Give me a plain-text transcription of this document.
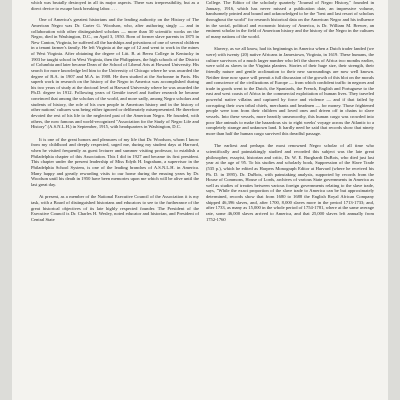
which was brutally destroyed in all its major aspects. There was irrepressibility, but as a direct device to escape back breaking labor. . . .

One of America's greatest historians and the leading authority on the History of The American Negro was Dr. Carter G. Woodson, who, after authoring singly — and in collaboration with other distinguished scholars — more than 30 scientific works on the Negro, died in Washington, D.C., on April 3, 1950. Born of former slave parents in 1875 in New Canton, Virginia, he suffered all the hardships and privations of one of several children in a tenant farmer's family. He left Virginia at the age of 12 and went to work in the mines of West Virginia. After obtaining the degree of Litt. B. at Berea College in Kentucky in 1903 he taught school in West Virginia, then the Philippines, the high schools of the District of Columbia and later became Dean of the School of Liberal Arts at Howard University. His search for more knowledge led him to the University of Chicago where he was awarded the degree of B.A. in 1907 and M.A. in 1908. He then studied at the Sorbonne in Paris. His superb work in research on the history of the Negro in America was accomplished during his two years of study at the doctoral level at Harvard University where he was awarded the Ph.D. degree in 1912. Following years of Gentile travel and further research he became convinced that among the scholars of the world, and more sadly, among Negro scholars and students of history, the role of his own people in American history and in the history of other nations' cultures was being either ignored or deliberately misrepresented. He therefore devoted the rest of his life to the neglected past of the American Negro. He founded, with others, the now famous and world-recognized "Association for the Study of Negro Life and History" (A.S.N.L.H.) in September, 1915, with headquarters in Washington, D.C.

It is one of the great honors and pleasures of my life that Dr. Woodson, whom I know from my childhood and deeply respected, urged me, during my student days at Harvard, when he visited frequently as guest lecturer and summer visiting professor, to establish a Philadelphia chapter of this Association. This I did in 1927 and became its first president. This chapter under the present leadership of Miss Edyth H. Ingraham, a supervisor in the Philadelphia School System, is one of the leading branches of A.S.N.L.H. in America. Many happy and greatly rewarding visits to our home during the ensuing years by Dr. Woodson until his death in 1950 have been memories upon me which will be alive until the last great day.

At present, as a member of the National Executive Council of the Association it is my task, with a Board of distinguished historians and educators to see to the furtherance of the great historical objectives of its late highly respected founder. The President of the Executive Council is Dr. Charles H. Wesley, noted educator and historian, and President of Central State

College. The Editor of the scholarly quarterly "Journal of Negro History," founded in January, 1916, which has never missed a publication date, an impressive volume, handsomely printed and bound and acknowledged to be the "best and last resort of scholars throughout the world" for research historical data on the American Negro and his influence in the social, political and economic history of America, is Dr. William M. Brewer, an eminent scholar in the field of American history and the history of the Negro in the cultures of many nations of the world.

Slavery, as we all know, had its beginnings in America when a Dutch trader landed (we were) with twenty (20) native Africans in Jamestown, Virginia, in 1619. These humans, the culture survivors of a much larger number who left the shores of Africa two months earlier, were sold as slaves to the Virginia planters. Stories of their huge size, their strength, their friendly nature and gentle acclimation to their new surroundings are now well known. Neither time now space will permit a full discussion of the growth of this blot on the morals and conscience of the civilizations of Europe — from which confident traffic in negroes and trade in goods went to the Dutch, the Spaniards, the French, English and Portuguese to the east and west coasts of Africa in the commercial exploitation of human lives. They traveled powerful native villains and captured by force and violence — and if that failed by corrupting their own tribal chiefs, merchants and headmen — for money. Those frightened people were torn from their children and loved ones and driven off in chains to slave vessels. Into these vessels, more heartily unseaworthy, this human cargo was crowded into poor like animals to make the hazardous six to eight weeks' voyage across the Atlantic to a completely strange and unknown land. It hardly need be said that records show that ninety more than half the human cargo survived this dreadful passage.

The earliest and perhaps the most renowned Negro scholar of all time who scientifically and painstakingly studied and recorded this subject was the late great philosopher, essayist, historian and critic, Dr. W. E. Burghardt DuBois, who died just last year at the age of 95. To his studies and scholarly book, Suppression of the Slave Trade (535 p.), which he edited as Harpers Monograph Editor at Harvard (where he received his Ph. D. in 1895). Dr. DuBois, with painstaking analysis, supported by records from the House of Commons, House of Lords, archives of various State governments in America as well as studies of treaties between various foreign governments relating to the slave trade, says, "While the exact proportion of the slave trade to America can be but approximately determined, records show that from 1680 to 1688 the English Royal African Company shipped 46,396 slaves, and, after 1700, 8,000 slaves more in the period 1713-1733; and, after 1733, as many as 15,000 in the whole period of 1754-1781, where at the same average rate, some 46,000 slaves arrived to America, and that 25,000 slaves left annually from 1752-1760
